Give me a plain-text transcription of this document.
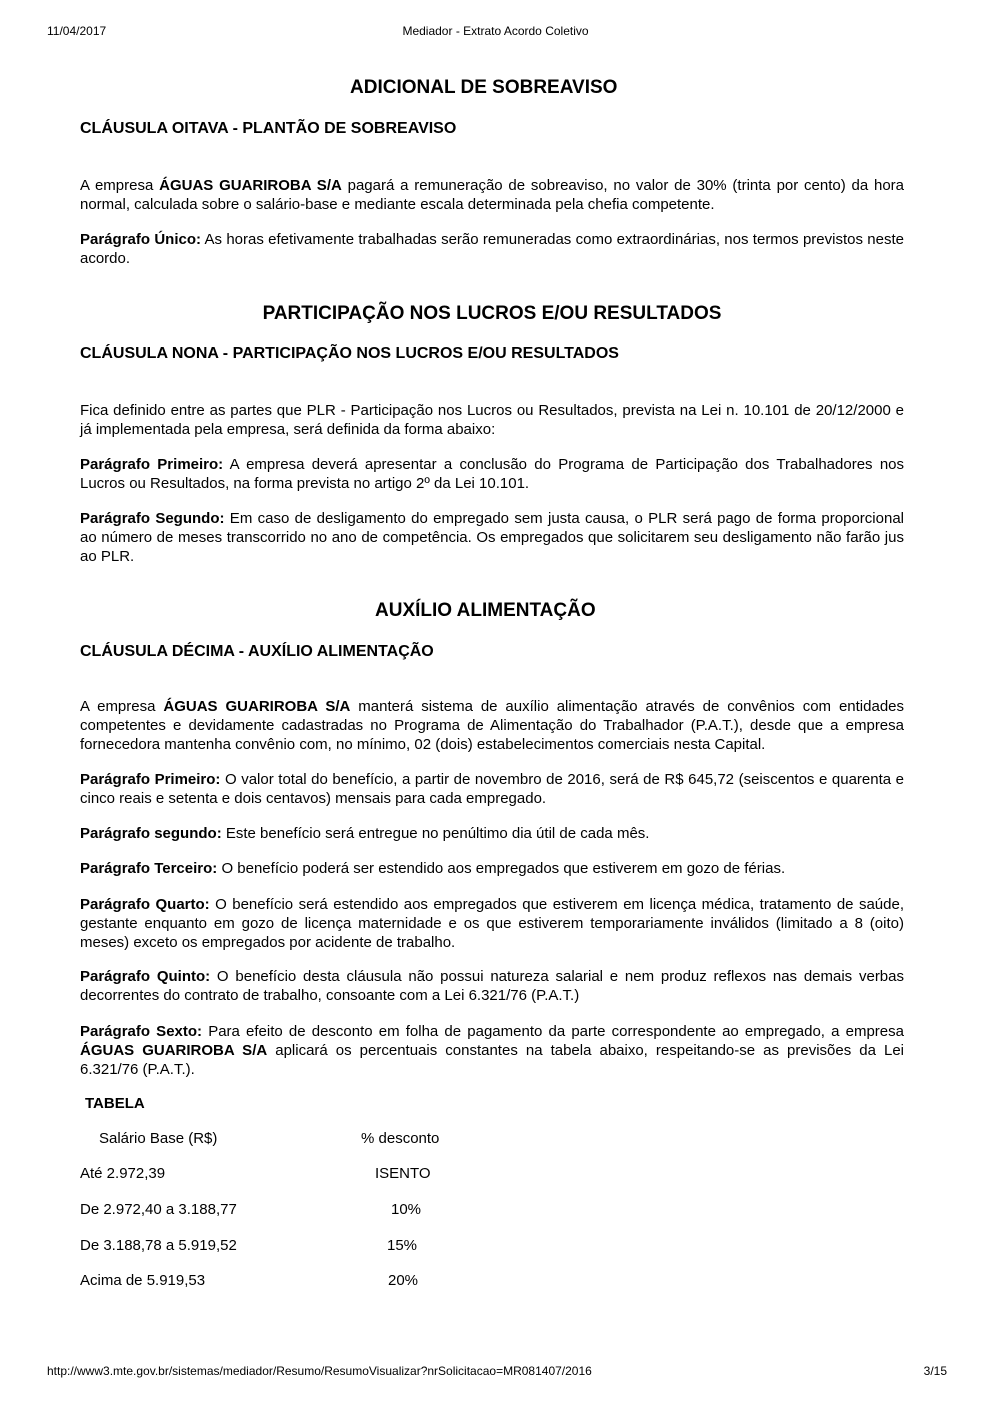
11/04/2017	Mediador - Extrato Acordo Coletivo
ADICIONAL DE SOBREAVISO
CLÁUSULA OITAVA - PLANTÃO DE SOBREAVISO
A empresa ÁGUAS GUARIROBA S/A pagará a remuneração de sobreaviso, no valor de 30% (trinta por cento) da hora normal, calculada sobre o salário-base e mediante escala determinada pela chefia competente.
Parágrafo Único: As horas efetivamente trabalhadas serão remuneradas como extraordinárias, nos termos previstos neste acordo.
PARTICIPAÇÃO NOS LUCROS E/OU RESULTADOS
CLÁUSULA NONA - PARTICIPAÇÃO NOS LUCROS E/OU RESULTADOS
Fica definido entre as partes que PLR - Participação nos Lucros ou Resultados, prevista na Lei n. 10.101 de 20/12/2000 e já implementada pela empresa, será definida da forma abaixo:
Parágrafo Primeiro: A empresa deverá apresentar a conclusão do Programa de Participação dos Trabalhadores nos Lucros ou Resultados, na forma prevista no artigo 2º da Lei 10.101.
Parágrafo Segundo: Em caso de desligamento do empregado sem justa causa, o PLR será pago de forma proporcional ao número de meses transcorrido no ano de competência. Os empregados que solicitarem seu desligamento não farão jus ao PLR.
AUXÍLIO ALIMENTAÇÃO
CLÁUSULA DÉCIMA - AUXÍLIO ALIMENTAÇÃO
A empresa ÁGUAS GUARIROBA S/A manterá sistema de auxílio alimentação através de convênios com entidades competentes e devidamente cadastradas no Programa de Alimentação do Trabalhador (P.A.T.), desde que a empresa fornecedora mantenha convênio com, no mínimo, 02 (dois) estabelecimentos comerciais nesta Capital.
Parágrafo Primeiro: O valor total do benefício, a partir de novembro de 2016, será de R$ 645,72 (seiscentos e quarenta e cinco reais e setenta e dois centavos) mensais para cada empregado.
Parágrafo segundo: Este benefício será entregue no penúltimo dia útil de cada mês.
Parágrafo Terceiro: O benefício poderá ser estendido aos empregados que estiverem em gozo de férias.
Parágrafo Quarto: O benefício será estendido aos empregados que estiverem em licença médica, tratamento de saúde, gestante enquanto em gozo de licença maternidade e os que estiverem temporariamente inválidos (limitado a 8 (oito) meses) exceto os empregados por acidente de trabalho.
Parágrafo Quinto: O benefício desta cláusula não possui natureza salarial e nem produz reflexos nas demais verbas decorrentes do contrato de trabalho, consoante com a Lei 6.321/76 (P.A.T.)
Parágrafo Sexto: Para efeito de desconto em folha de pagamento da parte correspondente ao empregado, a empresa ÁGUAS GUARIROBA S/A aplicará os percentuais constantes na tabela abaixo, respeitando-se as previsões da Lei 6.321/76 (P.A.T.).
TABELA
Salário Base (R$)	% desconto
Até 2.972,39	ISENTO
De 2.972,40 a 3.188,77	10%
De 3.188,78 a 5.919,52	15%
Acima de 5.919,53	20%
http://www3.mte.gov.br/sistemas/mediador/Resumo/ResumoVisualizar?nrSolicitacao=MR081407/2016	3/15
